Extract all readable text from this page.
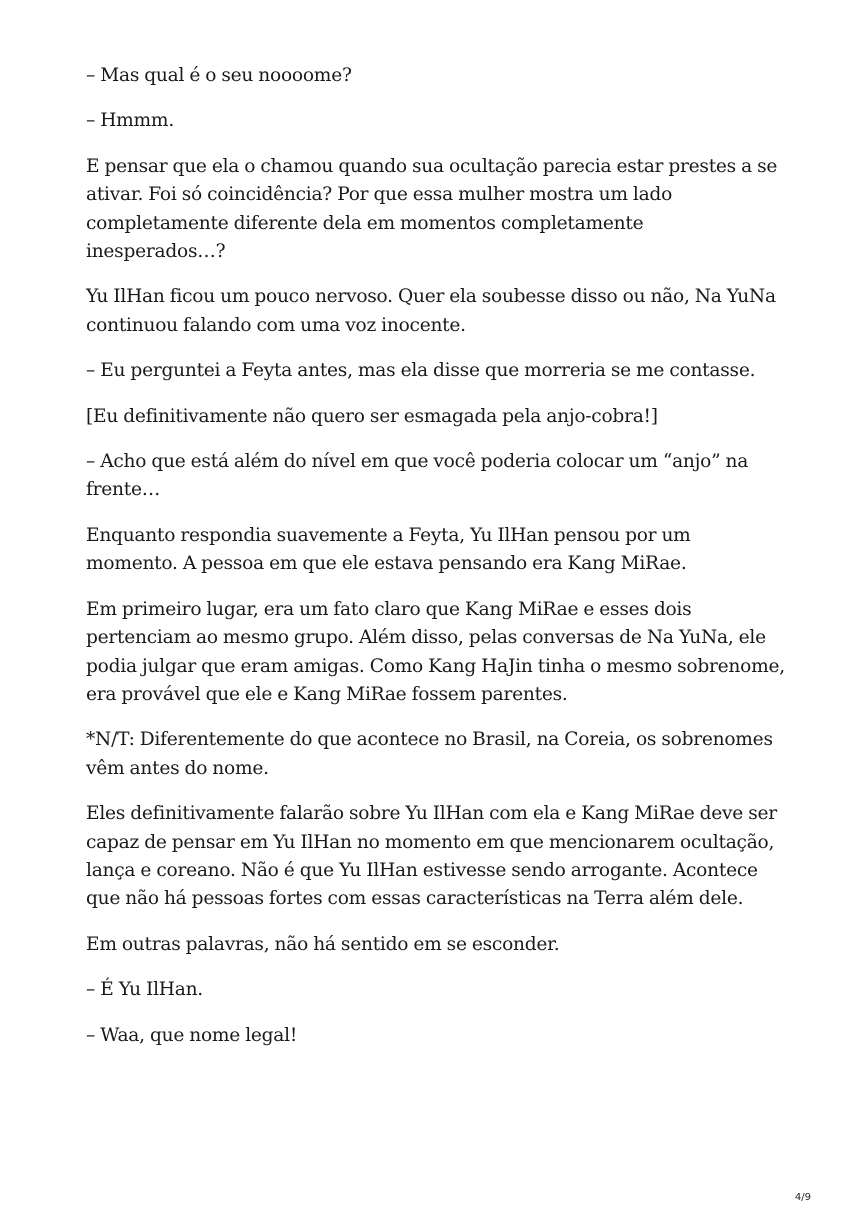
– Mas qual é o seu noooome?

– Hmmm.

E pensar que ela o chamou quando sua ocultação parecia estar prestes a se ativar. Foi só coincidência? Por que essa mulher mostra um lado completamente diferente dela em momentos completamente inesperados…?

Yu IlHan ficou um pouco nervoso. Quer ela soubesse disso ou não, Na YuNa continuou falando com uma voz inocente.

– Eu perguntei a Feyta antes, mas ela disse que morreria se me contasse.

[Eu definitivamente não quero ser esmagada pela anjo-cobra!]

– Acho que está além do nível em que você poderia colocar um “anjo” na frente…

Enquanto respondia suavemente a Feyta, Yu IlHan pensou por um momento. A pessoa em que ele estava pensando era Kang MiRae.

Em primeiro lugar, era um fato claro que Kang MiRae e esses dois pertenciam ao mesmo grupo. Além disso, pelas conversas de Na YuNa, ele podia julgar que eram amigas. Como Kang HaJin tinha o mesmo sobrenome, era provável que ele e Kang MiRae fossem parentes.

*N/T: Diferentemente do que acontece no Brasil, na Coreia, os sobrenomes vêm antes do nome.

Eles definitivamente falarão sobre Yu IlHan com ela e Kang MiRae deve ser capaz de pensar em Yu IlHan no momento em que mencionarem ocultação, lança e coreano. Não é que Yu IlHan estivesse sendo arrogante. Acontece que não há pessoas fortes com essas características na Terra além dele.

Em outras palavras, não há sentido em se esconder.

– É Yu IlHan.

– Waa, que nome legal!

4/9
